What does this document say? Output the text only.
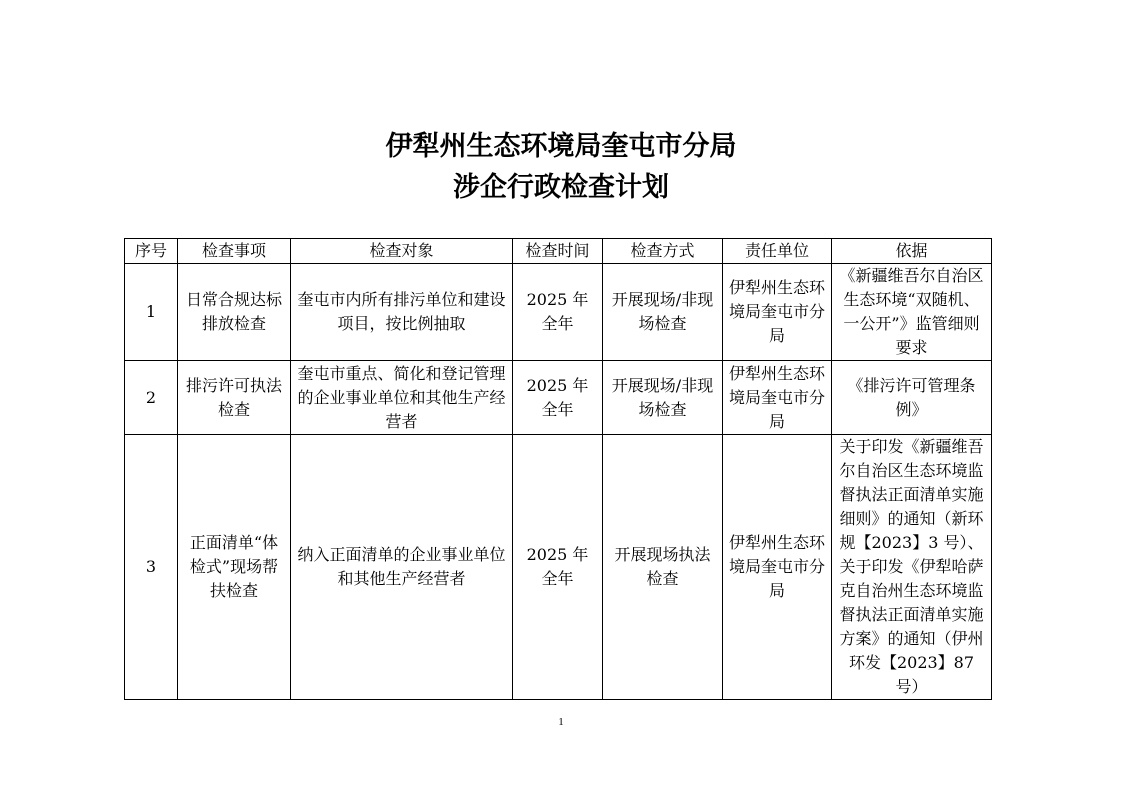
伊犁州生态环境局奎屯市分局
涉企行政检查计划
序号	检查事项	检查对象	检查时间	检查方式	责任单位	依据
1	日常合规达标排放检查	奎屯市内所有排污单位和建设项目，按比例抽取	2025 年全年	开展现场/非现场检查	伊犁州生态环境局奎屯市分局	《新疆维吾尔自治区生态环境“双随机、一公开”》监管细则要求
2	排污许可执法检查	奎屯市重点、简化和登记管理的企业事业单位和其他生产经营者	2025 年全年	开展现场/非现场检查	伊犁州生态环境局奎屯市分局	《排污许可管理条例》
3	正面清单“体检式”现场帮扶检查	纳入正面清单的企业事业单位和其他生产经营者	2025 年全年	开展现场执法检查	伊犁州生态环境局奎屯市分局	关于印发《新疆维吾尔自治区生态环境监督执法正面清单实施细则》的通知（新环规【2023】3 号）、关于印发《伊犁哈萨克自治州生态环境监督执法正面清单实施方案》的通知（伊州环发【2023】87 号）
1
